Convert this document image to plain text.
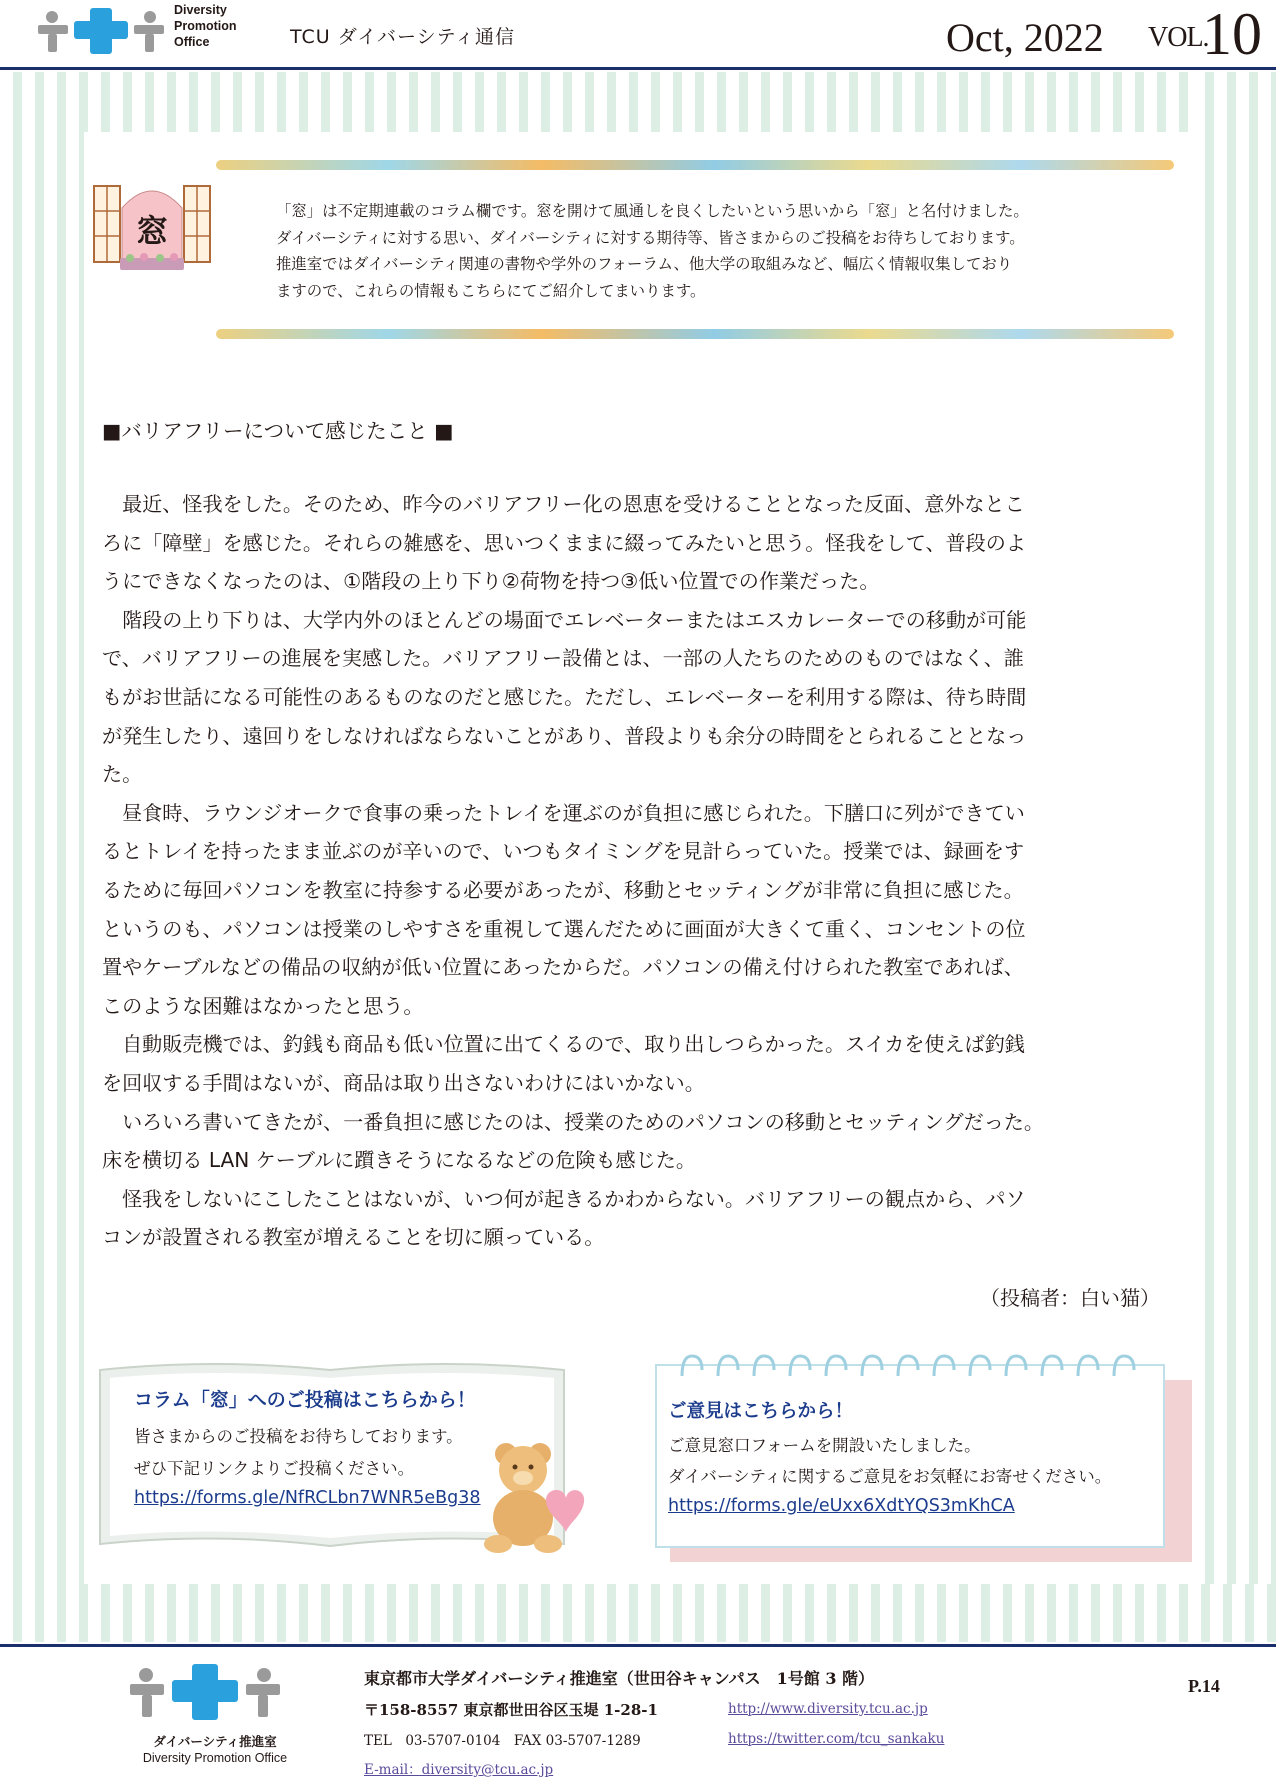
Diversity
Promotion
Office	TCU ダイバーシティ通信	Oct, 2022 VOL.
10
窓
「窓」は不定期連載のコラム欄です。窓を開けて風通しを良くしたいという思いから「窓」と名付けました。
ダイバーシティに対する思い、ダイバーシティに対する期待等、皆さまからのご投稿をお待ちしております。
推進室ではダイバーシティ関連の書物や学外のフォーラム、他大学の取組みなど、幅広く情報収集しており
ますので、これらの情報もこちらにてご紹介してまいります。
■バリアフリーについて感じたこと ■

　最近、怪我をした。そのため、昨今のバリアフリー化の恩恵を受けることとなった反面、意外なとこ

ろに「障壁」を感じた。それらの雑感を、思いつくままに綴ってみたいと思う。怪我をして、普段のよ

うにできなくなったのは、①階段の上り下り②荷物を持つ③低い位置での作業だった。

　階段の上り下りは、大学内外のほとんどの場面でエレベーターまたはエスカレーターでの移動が可能

で、バリアフリーの進展を実感した。バリアフリー設備とは、一部の人たちのためのものではなく、誰

もがお世話になる可能性のあるものなのだと感じた。ただし、エレベーターを利用する際は、待ち時間

が発生したり、遠回りをしなければならないことがあり、普段よりも余分の時間をとられることとなっ

た。

　昼食時、ラウンジオークで食事の乗ったトレイを運ぶのが負担に感じられた。下膳口に列ができてい

るとトレイを持ったまま並ぶのが辛いので、いつもタイミングを見計らっていた。授業では、録画をす

るために毎回パソコンを教室に持参する必要があったが、移動とセッティングが非常に負担に感じた。

というのも、パソコンは授業のしやすさを重視して選んだために画面が大きくて重く、コンセントの位

置やケーブルなどの備品の収納が低い位置にあったからだ。パソコンの備え付けられた教室であれば、

このような困難はなかったと思う。

　自動販売機では、釣銭も商品も低い位置に出てくるので、取り出しつらかった。スイカを使えば釣銭

を回収する手間はないが、商品は取り出さないわけにはいかない。

　いろいろ書いてきたが、一番負担に感じたのは、授業のためのパソコンの移動とセッティングだった。

床を横切る LAN ケーブルに躓きそうになるなどの危険も感じた。

　怪我をしないにこしたことはないが、いつ何が起きるかわからない。バリアフリーの観点から、パソ

コンが設置される教室が増えることを切に願っている。

（投稿者：白い猫）
コラム「窓」へのご投稿はこちらから！
皆さまからのご投稿をお待ちしております。
ぜひ下記リンクよりご投稿ください。
https://forms.gle/NfRCLbn7WNR5eBg38
ご意見はこちらから！
ご意見窓口フォームを開設いたしました。
ダイバーシティに関するご意見をお気軽にお寄せください。
https://forms.gle/eUxx6XdtYQS3mKhCA
ダイバーシティ推進室
Diversity Promotion Office
東京都市大学ダイバーシティ推進室（世田谷キャンパス　1号館 3 階）
〒158-8557 東京都世田谷区玉堤 1-28-1
TEL　03-5707-0104　FAX 03-5707-1289
E-mail：diversity@tcu.ac.jp
http://www.diversity.tcu.ac.jp
https://twitter.com/tcu_sankaku
P.14
